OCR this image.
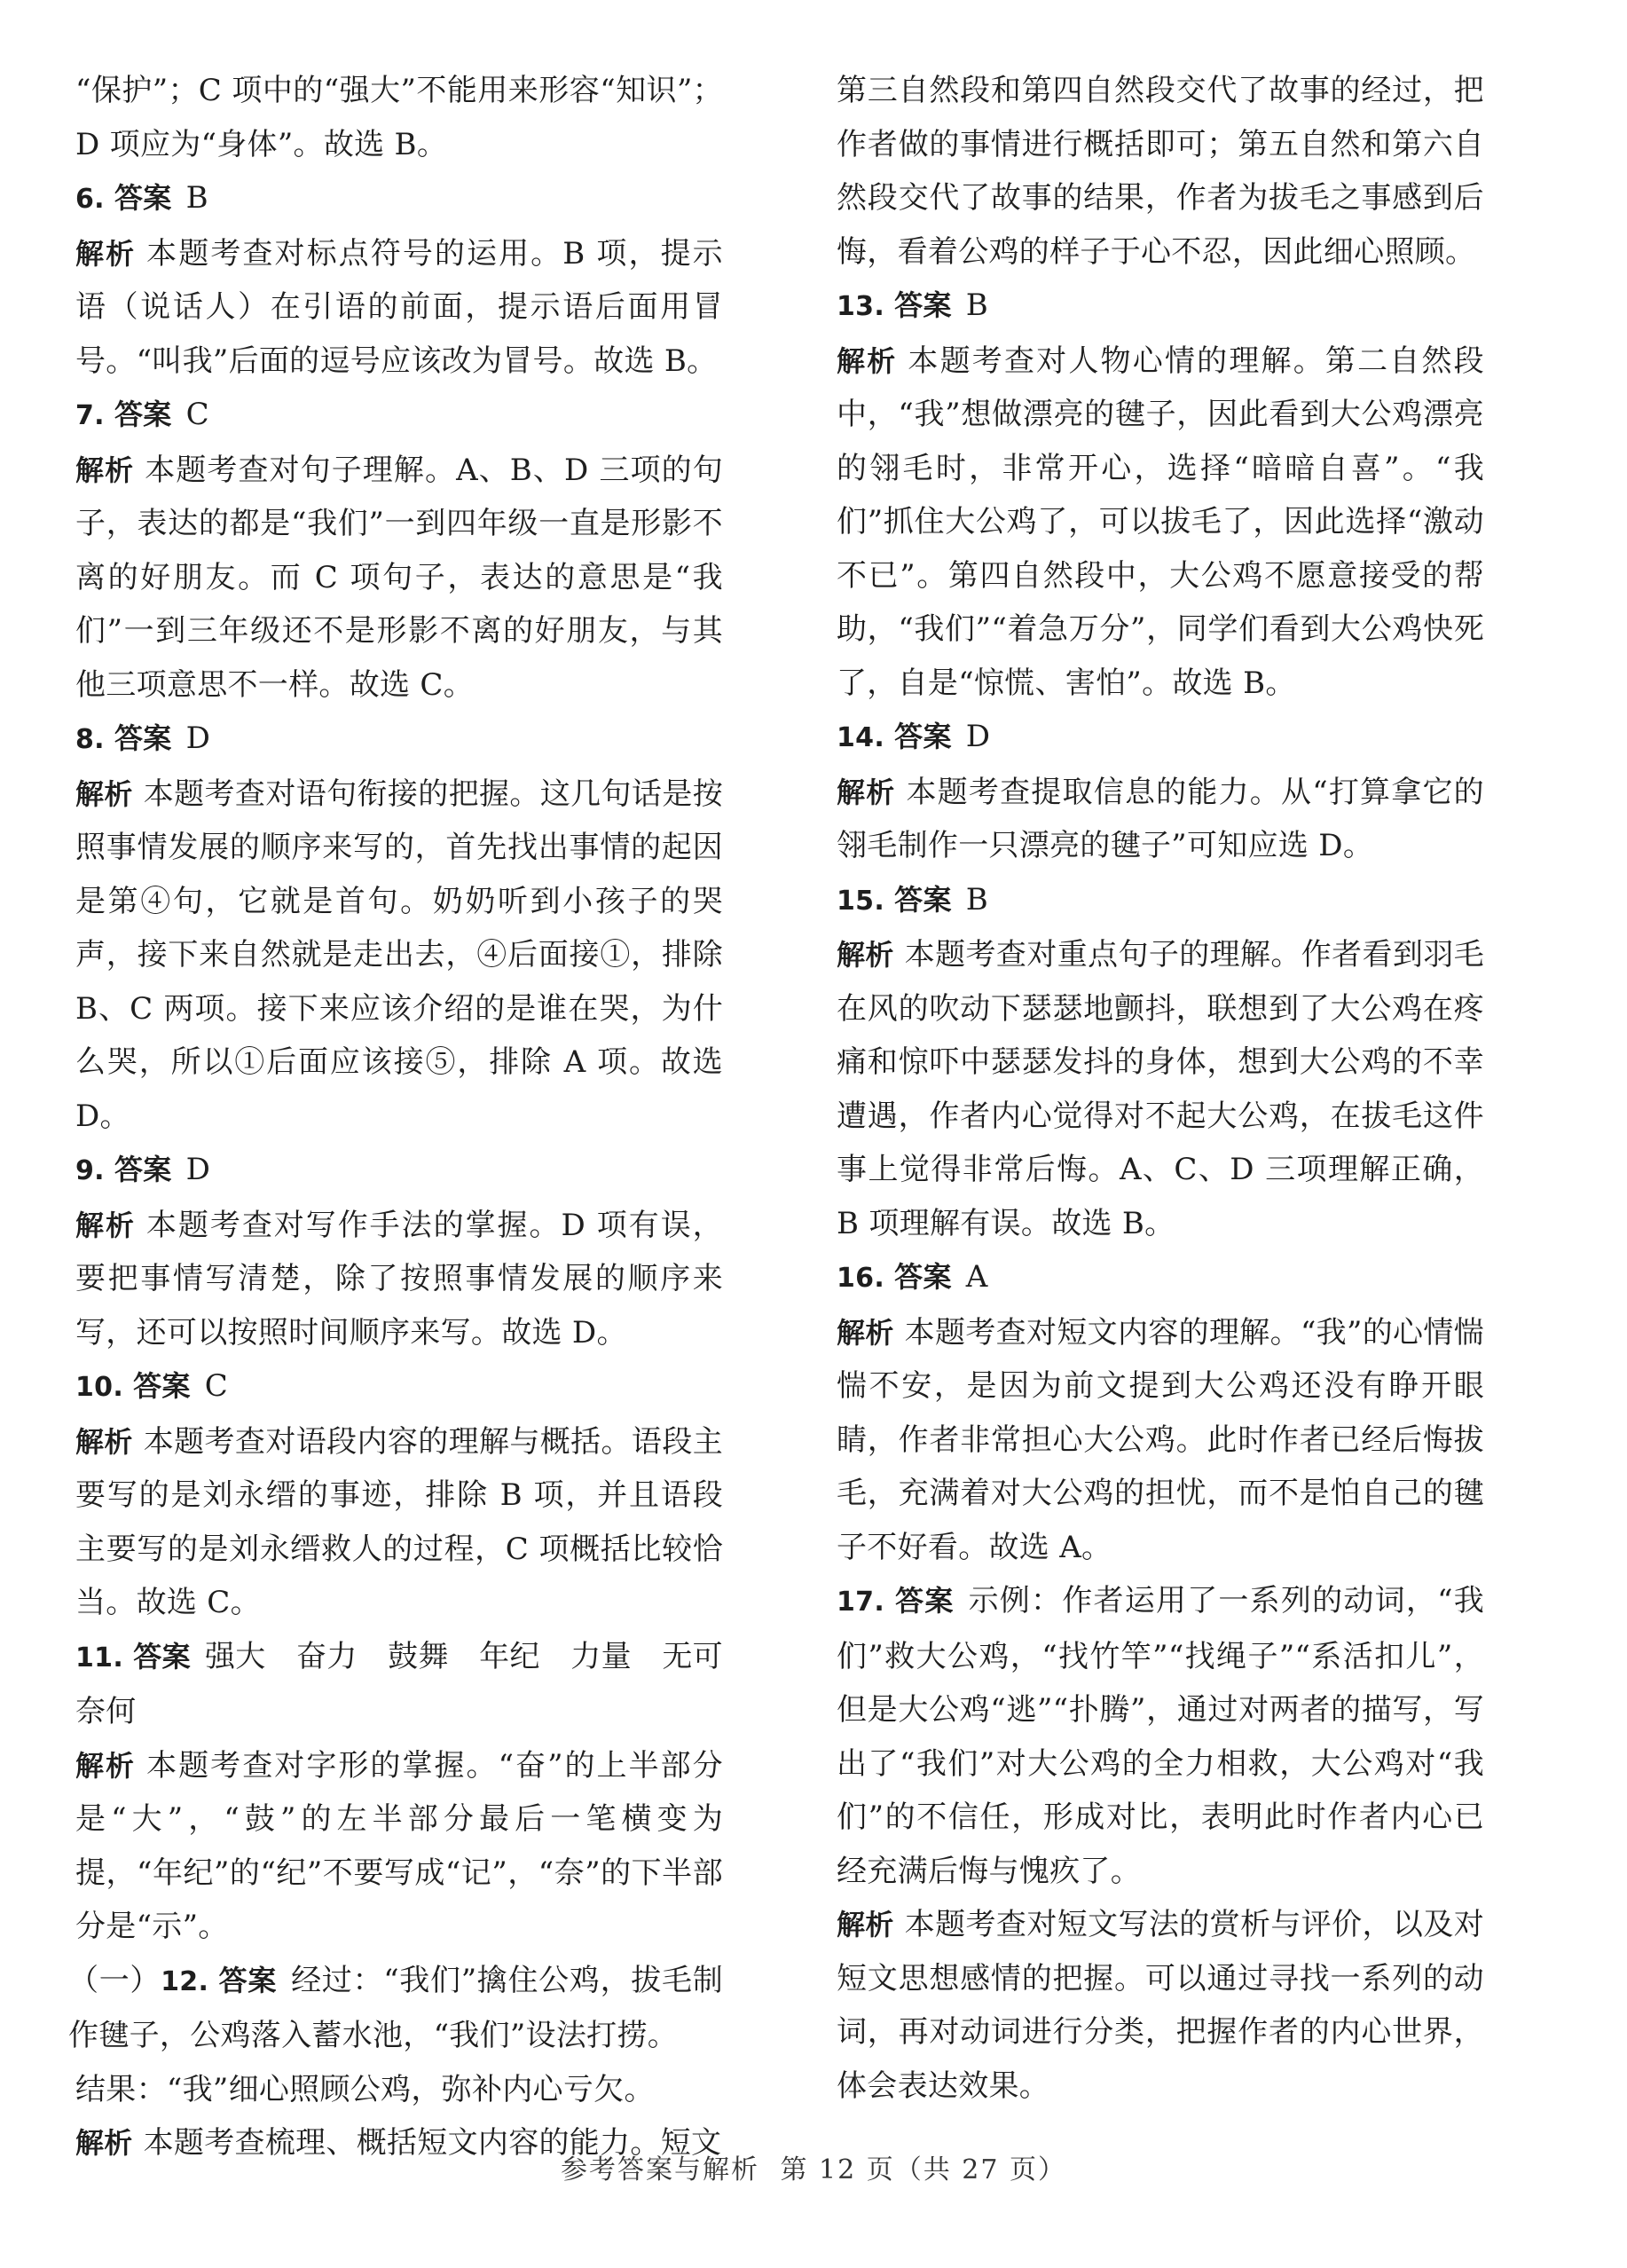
“保护”；C 项中的“强大”不能用来形容“知识”；D 项应为“身体”。故选 B。

6. 答案 B

解析 本题考查对标点符号的运用。B 项，提示语（说话人）在引语的前面，提示语后面用冒号。“叫我”后面的逗号应该改为冒号。故选 B。

7. 答案 C

解析 本题考查对句子理解。A、B、D 三项的句子，表达的都是“我们”一到四年级一直是形影不离的好朋友。而 C 项句子，表达的意思是“我们”一到三年级还不是形影不离的好朋友，与其他三项意思不一样。故选 C。

8. 答案 D

解析 本题考查对语句衔接的把握。这几句话是按照事情发展的顺序来写的，首先找出事情的起因是第④句，它就是首句。奶奶听到小孩子的哭声，接下来自然就是走出去，④后面接①，排除 B、C 两项。接下来应该介绍的是谁在哭，为什么哭，所以①后面应该接⑤，排除 A 项。故选 D。

9. 答案 D

解析 本题考查对写作手法的掌握。D 项有误，要把事情写清楚，除了按照事情发展的顺序来写，还可以按照时间顺序来写。故选 D。

10. 答案 C

解析 本题考查对语段内容的理解与概括。语段主要写的是刘永缙的事迹，排除 B 项，并且语段主要写的是刘永缙救人的过程，C 项概括比较恰当。故选 C。

11. 答案 强大　奋力　鼓舞　年纪　力量　无可奈何

解析 本题考查对字形的掌握。“奋”的上半部分是“大”，“鼓”的左半部分最后一笔横变为提，“年纪”的“纪”不要写成“记”，“奈”的下半部分是“示”。

（一）12. 答案 经过：“我们”擒住公鸡，拔毛制作毽子，公鸡落入蓄水池，“我们”设法打捞。

结果：“我”细心照顾公鸡，弥补内心亏欠。

解析 本题考查梳理、概括短文内容的能力。短文

第三自然段和第四自然段交代了故事的经过，把作者做的事情进行概括即可；第五自然和第六自然段交代了故事的结果，作者为拔毛之事感到后悔，看着公鸡的样子于心不忍，因此细心照顾。

13. 答案 B

解析 本题考查对人物心情的理解。第二自然段中，“我”想做漂亮的毽子，因此看到大公鸡漂亮的翎毛时，非常开心，选择“暗暗自喜”。“我们”抓住大公鸡了，可以拔毛了，因此选择“激动不已”。第四自然段中，大公鸡不愿意接受的帮助，“我们”“着急万分”，同学们看到大公鸡快死了，自是“惊慌、害怕”。故选 B。

14. 答案 D

解析 本题考查提取信息的能力。从“打算拿它的翎毛制作一只漂亮的毽子”可知应选 D。

15. 答案 B

解析 本题考查对重点句子的理解。作者看到羽毛在风的吹动下瑟瑟地颤抖，联想到了大公鸡在疼痛和惊吓中瑟瑟发抖的身体，想到大公鸡的不幸遭遇，作者内心觉得对不起大公鸡，在拔毛这件事上觉得非常后悔。A、C、D 三项理解正确，B 项理解有误。故选 B。

16. 答案 A

解析 本题考查对短文内容的理解。“我”的心情惴惴不安，是因为前文提到大公鸡还没有睁开眼睛，作者非常担心大公鸡。此时作者已经后悔拔毛，充满着对大公鸡的担忧，而不是怕自己的毽子不好看。故选 A。

17. 答案 示例：作者运用了一系列的动词，“我们”救大公鸡，“找竹竿”“找绳子”“系活扣儿”，但是大公鸡“逃”“扑腾”，通过对两者的描写，写出了“我们”对大公鸡的全力相救，大公鸡对“我们”的不信任，形成对比，表明此时作者内心已经充满后悔与愧疚了。

解析 本题考查对短文写法的赏析与评价，以及对短文思想感情的把握。可以通过寻找一系列的动词，再对动词进行分类，把握作者的内心世界，体会表达效果。

参考答案与解析 第 12 页（共 27 页）
